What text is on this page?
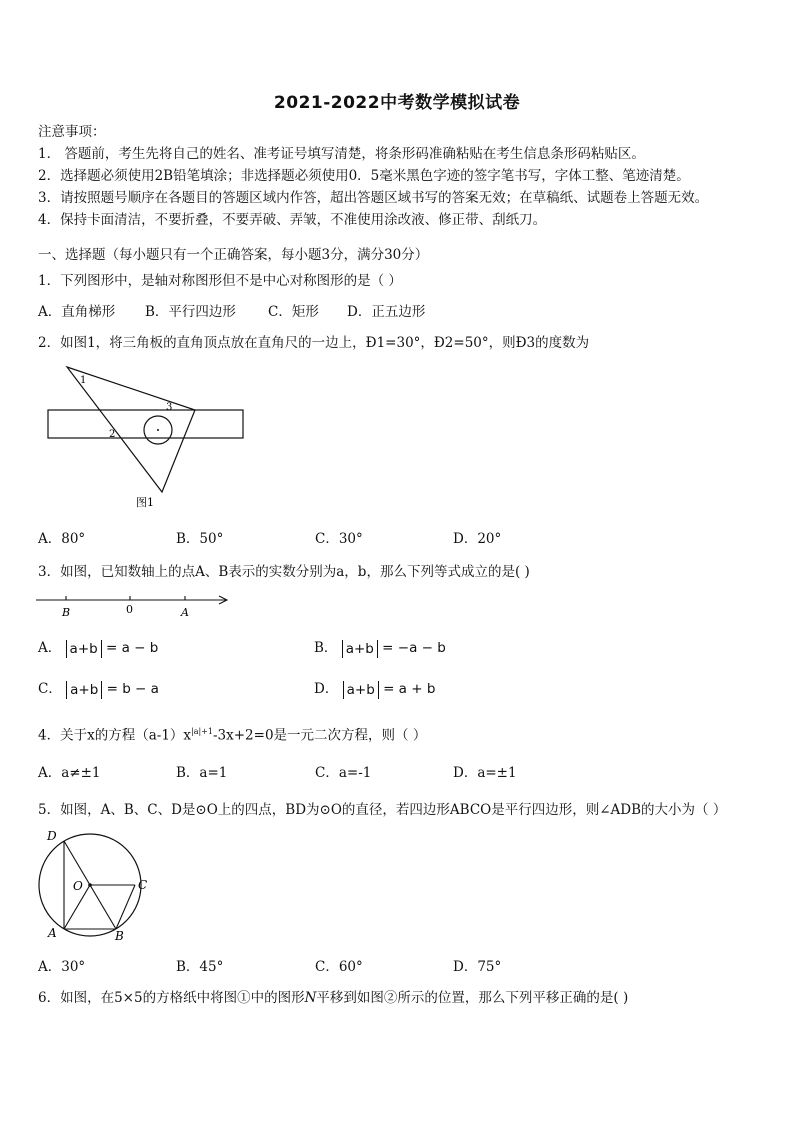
2021-2022中考数学模拟试卷
注意事项：
1． 答题前，考生先将自己的姓名、准考证号填写清楚，将条形码准确粘贴在考生信息条形码粘贴区。
2．选择题必须使用2B铅笔填涂；非选择题必须使用0．5毫米黑色字迹的签字笔书写，字体工整、笔迹清楚。
3．请按照题号顺序在各题目的答题区域内作答，超出答题区域书写的答案无效；在草稿纸、试题卷上答题无效。
4．保持卡面清洁，不要折叠，不要弄破、弄皱，不准使用涂改液、修正带、刮纸刀。
一、选择题（每小题只有一个正确答案，每小题3分，满分30分）
1．下列图形中，是轴对称图形但不是中心对称图形的是（ ）
A．直角梯形 B．平行四边形 C．矩形 D．正五边形
2．如图1，将三角板的直角顶点放在直角尺的一边上，Ð1=30°，Ð2=50°，则Ð3的度数为
1
2
3
图1
A．80°	B．50°	C．30°	D．20°
3．如图，已知数轴上的点A、B表示的实数分别为a，b，那么下列等式成立的是( )
B	0	A
A． a+b = a − b	B． a+b = −a − b
C． a+b = b − a	D． a+b = a + b
4．关于x的方程$(a-1)x^{|a|+1}-3x+2=0$是一元二次方程，则（ ）
A．a≠±1	B．a=1	C．a=-1	D．a=±1
5．如图，A、B、C、D是⊙O上的四点，BD为⊙O的直径，若四边形ABCO是平行四边形，则∠ADB的大小为（ ）
D
O	C
A	B
A．30°	B．45°	C．60°	D．75°
6．如图，在5×5的方格纸中将图①中的图形N平移到如图②所示的位置，那么下列平移正确的是( )
